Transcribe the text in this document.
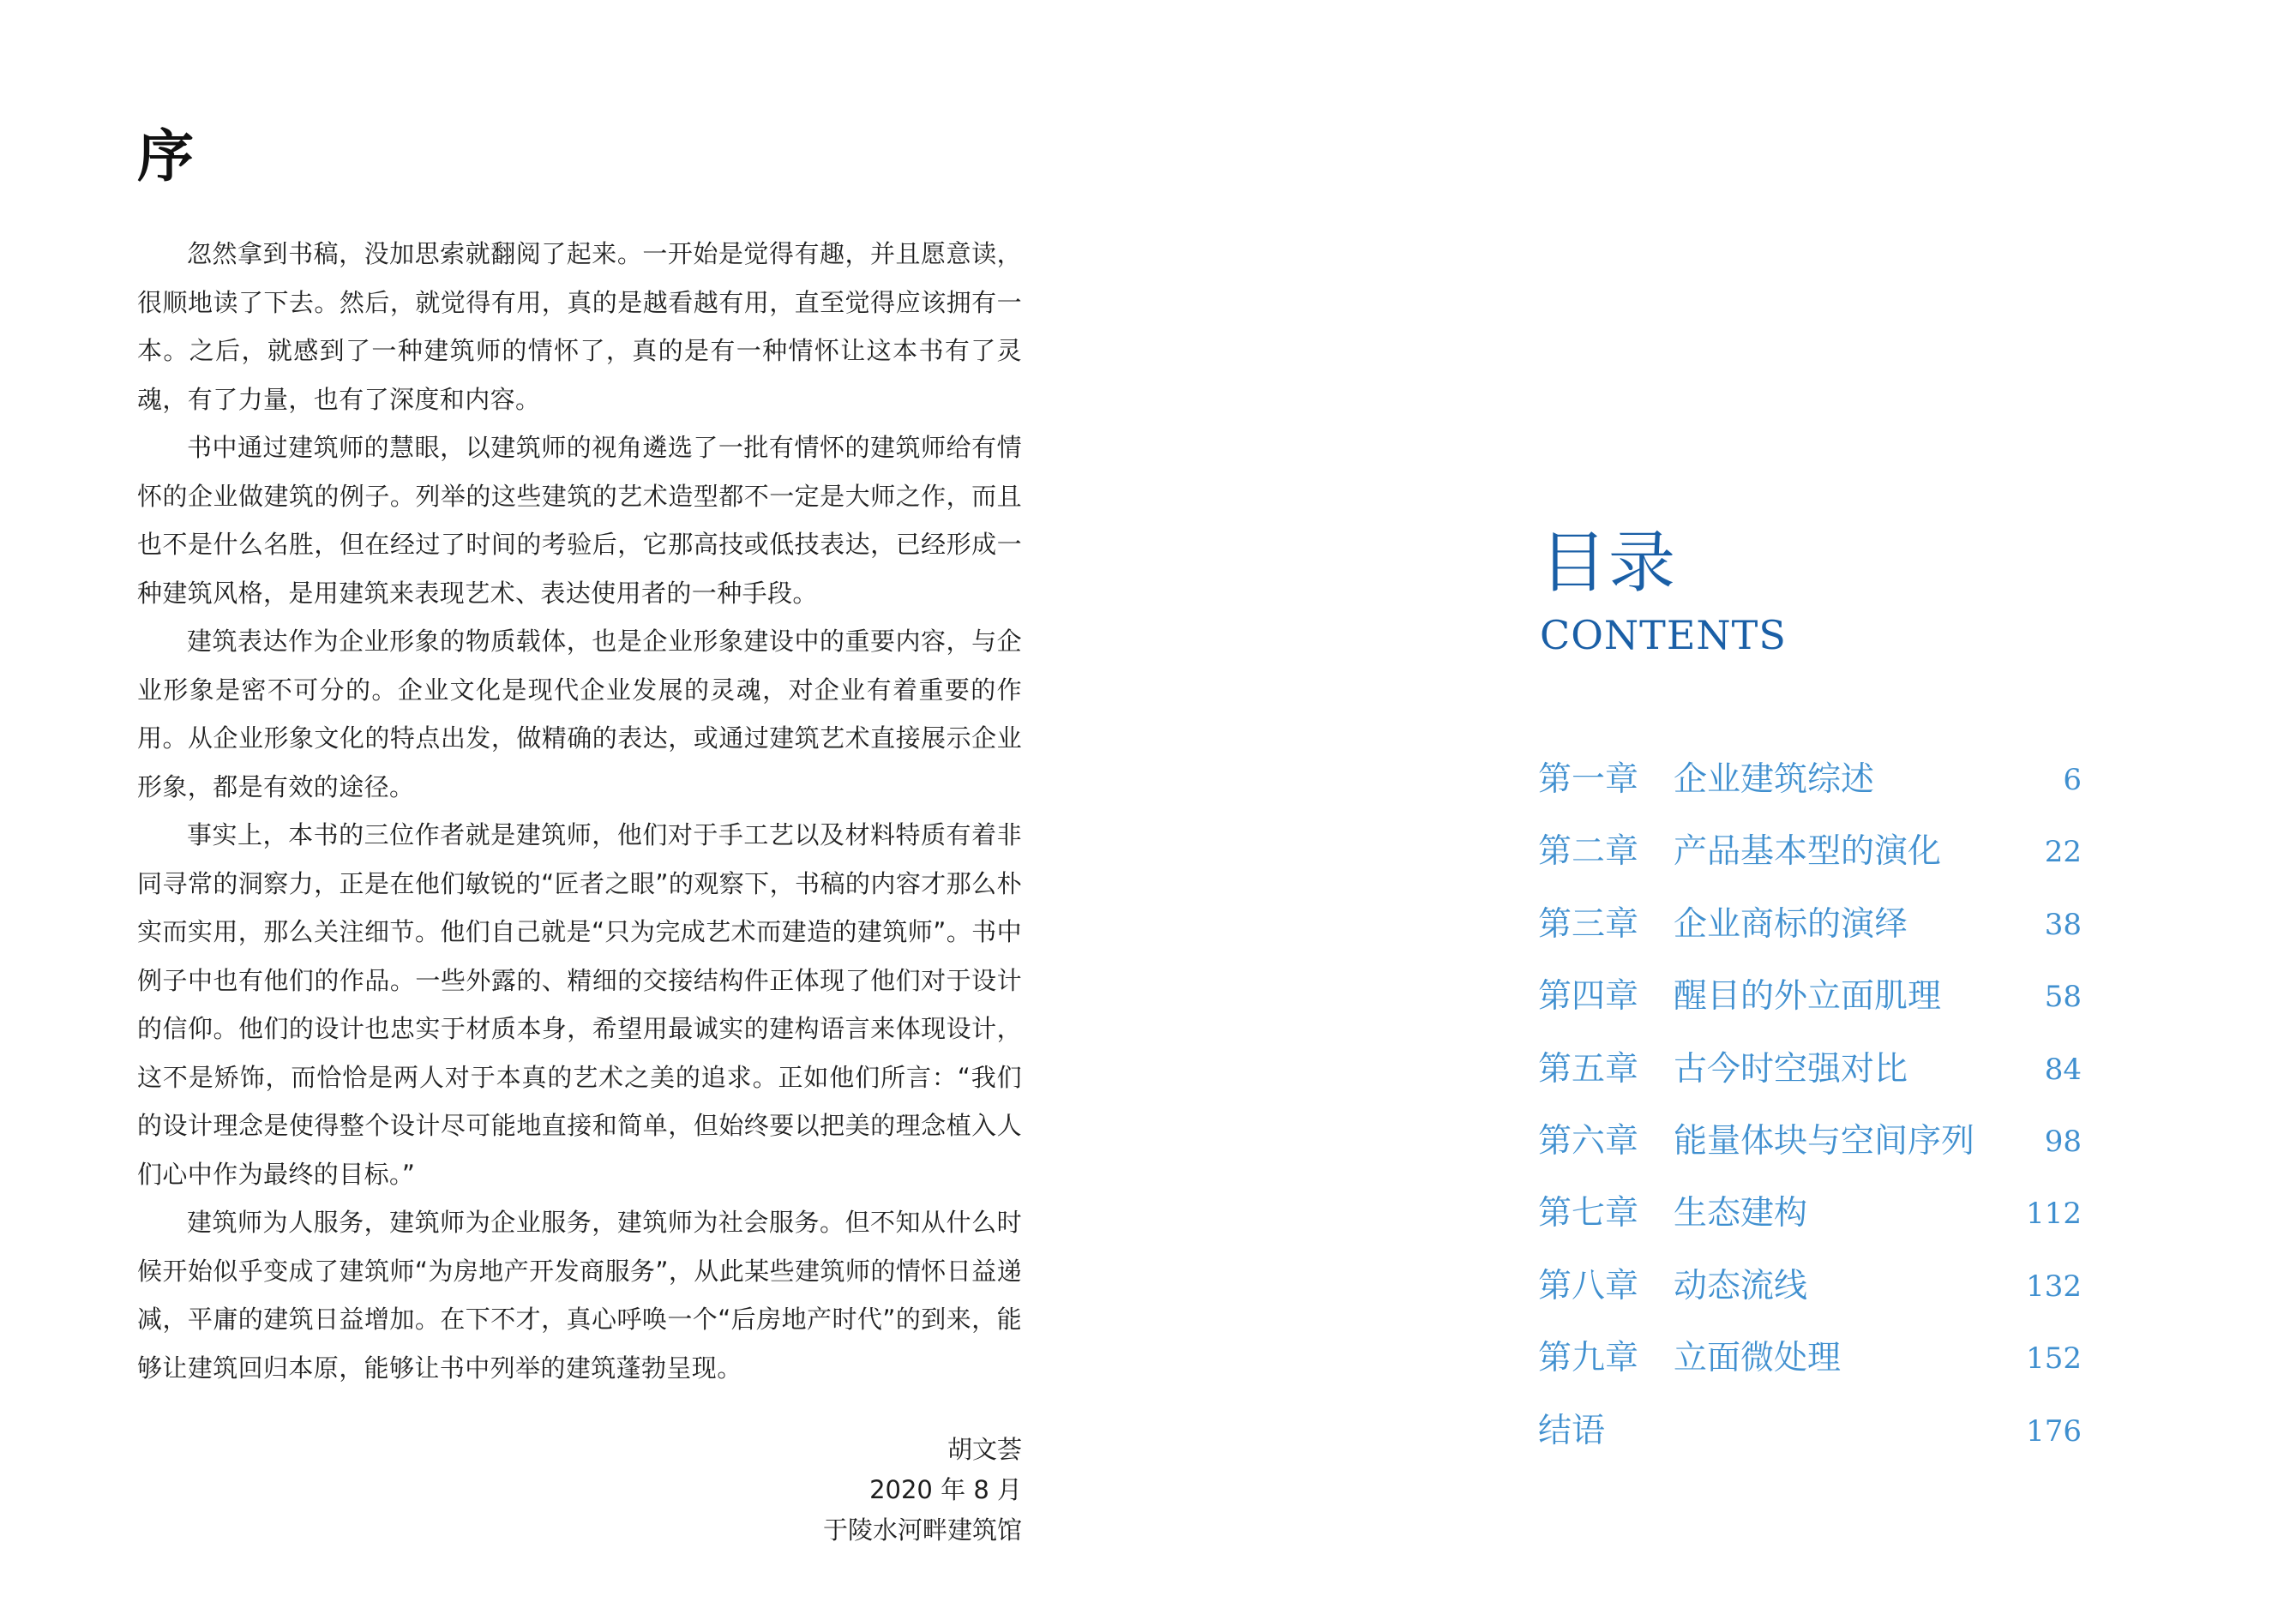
序

忽然拿到书稿，没加思索就翻阅了起来。一开始是觉得有趣，并且愿意读，很顺地读了下去。然后，就觉得有用，真的是越看越有用，直至觉得应该拥有一本。之后，就感到了一种建筑师的情怀了，真的是有一种情怀让这本书有了灵魂，有了力量，也有了深度和内容。

书中通过建筑师的慧眼，以建筑师的视角遴选了一批有情怀的建筑师给有情怀的企业做建筑的例子。列举的这些建筑的艺术造型都不一定是大师之作，而且也不是什么名胜，但在经过了时间的考验后，它那高技或低技表达，已经形成一种建筑风格，是用建筑来表现艺术、表达使用者的一种手段。

建筑表达作为企业形象的物质载体，也是企业形象建设中的重要内容，与企业形象是密不可分的。企业文化是现代企业发展的灵魂，对企业有着重要的作用。从企业形象文化的特点出发，做精确的表达，或通过建筑艺术直接展示企业形象，都是有效的途径。

事实上，本书的三位作者就是建筑师，他们对于手工艺以及材料特质有着非同寻常的洞察力，正是在他们敏锐的“匠者之眼”的观察下，书稿的内容才那么朴实而实用，那么关注细节。他们自己就是“只为完成艺术而建造的建筑师”。书中例子中也有他们的作品。一些外露的、精细的交接结构件正体现了他们对于设计的信仰。他们的设计也忠实于材质本身，希望用最诚实的建构语言来体现设计，这不是矫饰，而恰恰是两人对于本真的艺术之美的追求。正如他们所言：“我们的设计理念是使得整个设计尽可能地直接和简单，但始终要以把美的理念植入人们心中作为最终的目标。”

建筑师为人服务，建筑师为企业服务，建筑师为社会服务。但不知从什么时候开始似乎变成了建筑师“为房地产开发商服务”，从此某些建筑师的情怀日益递减，平庸的建筑日益增加。在下不才，真心呼唤一个“后房地产时代”的到来，能够让建筑回归本原，能够让书中列举的建筑蓬勃呈现。

胡文荟
2020 年 8 月
于陵水河畔建筑馆
目录
CONTENTS
第一章	企业建筑综述	6
第二章	产品基本型的演化	22
第三章	企业商标的演绎	38
第四章	醒目的外立面肌理	58
第五章	古今时空强对比	84
第六章	能量体块与空间序列 98
第七章	生态建构	112
第八章	动态流线	132
第九章	立面微处理	152
结语	176
